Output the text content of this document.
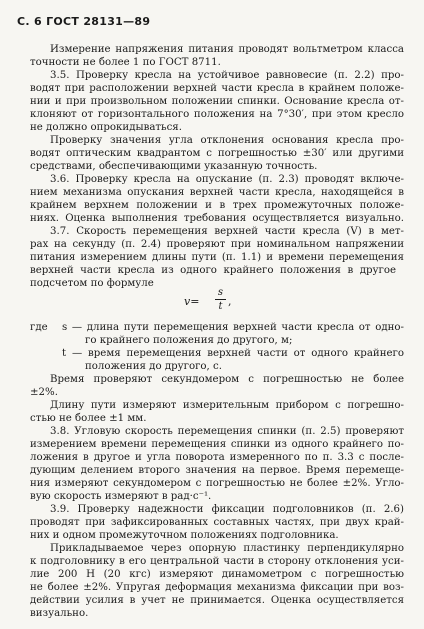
С. 6 ГОСТ 28131—89
Измерение напряжения питания проводят вольтметром класса
точности не более 1 по ГОСТ 8711.
3.5. Проверку кресла на устойчивое равновесие (п. 2.2) про-
водят при расположении верхней части кресла в крайнем положе-
нии и при произвольном положении спинки. Основание кресла от-
клоняют от горизонтального положения на 7°30′, при этом кресло
не должно опрокидываться.
Проверку значения угла отклонения основания кресла про-
водят оптическим квадрантом с погрешностью ±30′ или другими
средствами, обеспечивающими указанную точность.
3.6. Проверку кресла на опускание (п. 2.3) проводят включе-
нием механизма опускания верхней части кресла, находящейся в
крайнем верхнем положении и в трех промежуточных положе-
ниях. Оценка выполнения требования осуществляется визуально.
3.7. Скорость перемещения верхней части кресла (V) в мет-
рах на секунду (п. 2.4) проверяют при номинальном напряжении
питания измерением длины пути (п. 1.1) и времени перемещения
верхней части кресла из одного крайнего положения в другое
подсчетом по формуле
v=
s
t ,
где s — длина пути перемещения верхней части кресла от одно-
го крайнего положения до другого, м;
t — время перемещения верхней части от одного крайнего
положения до другого, с.
Время проверяют секундомером с погрешностью не более
±2%.
Длину пути измеряют измерительным прибором с погрешно-
стью не более ±1 мм.
3.8. Угловую скорость перемещения спинки (п. 2.5) проверяют
измерением времени перемещения спинки из одного крайнего по-
ложения в другое и угла поворота измеренного по п. 3.3 с после-
дующим делением второго значения на первое. Время перемеще-
ния измеряют секундомером с погрешностью не более ±2%. Угло-
вую скорость измеряют в рад·с⁻¹.
3.9. Проверку надежности фиксации подголовников (п. 2.6)
проводят при зафиксированных составных частях, при двух край-
них и одном промежуточном положениях подголовника.
Прикладываемое через опорную пластинку перпендикулярно
к подголовнику в его центральной части в сторону отклонения уси-
лие 200 Н (20 кгс) измеряют динамометром с погрешностью
не более ±2%. Упругая деформация механизма фиксации при воз-
действии усилия в учет не принимается. Оценка осуществляется
визуально.
